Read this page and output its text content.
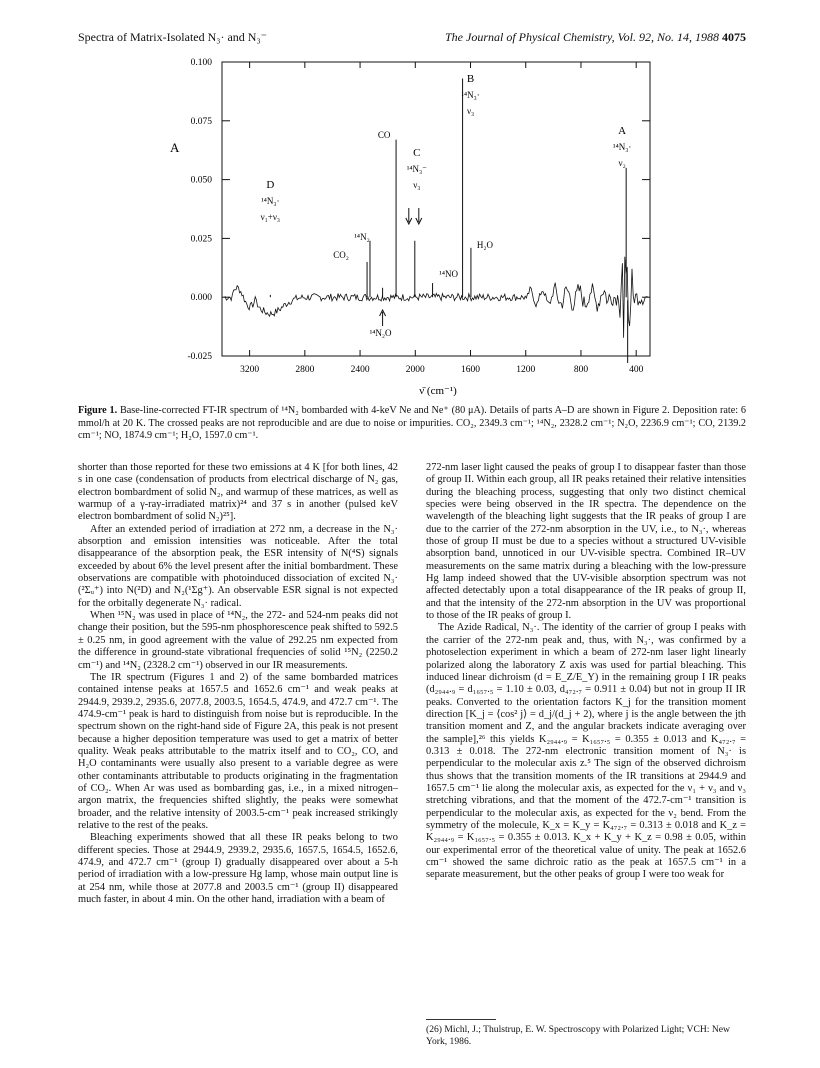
Spectra of Matrix-Isolated N₃· and N₃⁻	The Journal of Physical Chemistry, Vol. 92, No. 14, 1988 4075
3200	2800	2400	2000	1600	1200	800	400
0.100
0.075
0.050
0.025
0.000
-0.025
A
ν̄ (cm⁻¹)
D
¹⁴N₃·
ν₁+ν₃
C
¹⁴N₃⁻
ν₃
B
¹⁴N₃·
ν₃
A
¹⁴N₃·
ν₂
¹⁴N₂
CO₂
CO
H₂O
¹⁴NO
¹⁴N₂O
Figure 1. Base-line-corrected FT-IR spectrum of ¹⁴N₂ bombarded with 4-keV Ne and Ne⁺ (80 μA). Details of parts A–D are shown in Figure 2. Deposition rate: 6 mmol/h at 20 K. The crossed peaks are not reproducible and are due to noise or impurities. CO₂, 2349.3 cm⁻¹; ¹⁴N₂, 2328.2 cm⁻¹; N₂O, 2236.9 cm⁻¹; CO, 2139.2 cm⁻¹; NO, 1874.9 cm⁻¹; H₂O, 1597.0 cm⁻¹.

shorter than those reported for these two emissions at 4 K [for both lines, 42 s in one case (condensation of products from electrical discharge of N₂ gas, electron bombardment of solid N₂, and warmup of these matrices, as well as warmup of a γ-ray-irradiated matrix)²⁴ and 37 s in another (pulsed keV electron bombardment of solid N₂)²⁵].

After an extended period of irradiation at 272 nm, a decrease in the N₃· absorption and emission intensities was noticeable. After the total disappearance of the absorption peak, the ESR intensity of N(⁴S) signals exceeded by about 6% the level present after the initial bombardment. These observations are compatible with photoinduced dissociation of excited N₃· (²Σᵤ⁺) into N(²D) and N₂(¹Σg⁺). An observable ESR signal is not expected for the orbitally degenerate N₃· radical.

When ¹⁵N₂ was used in place of ¹⁴N₂, the 272- and 524-nm peaks did not change their position, but the 595-nm phosphorescence peak shifted to 592.5 ± 0.25 nm, in good agreement with the value of 292.25 nm expected from the difference in ground-state vibrational frequencies of solid ¹⁵N₂ (2250.2 cm⁻¹) and ¹⁴N₂ (2328.2 cm⁻¹) observed in our IR measurements.

The IR spectrum (Figures 1 and 2) of the same bombarded matrices contained intense peaks at 1657.5 and 1652.6 cm⁻¹ and weak peaks at 2944.9, 2939.2, 2935.6, 2077.8, 2003.5, 1654.5, 474.9, and 472.7 cm⁻¹. The 474.9-cm⁻¹ peak is hard to distinguish from noise but is reproducible. In the spectrum shown on the right-hand side of Figure 2A, this peak is not present because a higher deposition temperature was used to get a matrix of better quality. Weak peaks attributable to the matrix itself and to CO₂, CO, and H₂O contaminants were usually also present to a variable degree as were other contaminants attributable to products originating in the fragmentation of CO₂. When Ar was used as bombarding gas, i.e., in a mixed nitrogen–argon matrix, the frequencies shifted slightly, the peaks were somewhat broader, and the relative intensity of 2003.5-cm⁻¹ peak increased strikingly relative to the rest of the peaks.

Bleaching experiments showed that all these IR peaks belong to two different species. Those at 2944.9, 2939.2, 2935.6, 1657.5, 1654.5, 1652.6, 474.9, and 472.7 cm⁻¹ (group I) gradually disappeared over about a 5-h period of irradiation with a low-pressure Hg lamp, whose main output line is at 254 nm, while those at 2077.8 and 2003.5 cm⁻¹ (group II) disappeared much faster, in about 4 min. On the other hand, irradiation with a beam of

272-nm laser light caused the peaks of group I to disappear faster than those of group II. Within each group, all IR peaks retained their relative intensities during the bleaching process, suggesting that only two distinct chemical species were being observed in the IR spectra. The dependence on the wavelength of the bleaching light suggests that the IR peaks of group I are due to the carrier of the 272-nm absorption in the UV, i.e., to N₃·, whereas those of group II must be due to a species without a structured UV-visible absorption band, unnoticed in our UV-visible spectra. Combined IR–UV measurements on the same matrix during a bleaching with the low-pressure Hg lamp indeed showed that the UV-visible absorption spectrum was not affected detectably upon a total disappearance of the IR peaks of group II, and that the intensity of the 272-nm absorption in the UV was proportional to those of the IR peaks of group I.

The Azide Radical, N₃·. The identity of the carrier of group I peaks with the carrier of the 272-nm peak and, thus, with N₃·, was confirmed by a photoselection experiment in which a beam of 272-nm laser light linearly polarized along the laboratory Z axis was used for partial bleaching. This induced linear dichroism (d = E_Z/E_Y) in the remaining group I IR peaks (d₂₉₄₄.₉ = d₁₆₅₇.₅ = 1.10 ± 0.03, d₄₇₂.₇ = 0.911 ± 0.04) but not in group II IR peaks. Converted to the orientation factors K_j for the transition moment direction [K_j = ⟨cos² j⟩ = d_j/(d_j + 2), where j is the angle between the jth transition moment and Z, and the angular brackets indicate averaging over the sample],²⁶ this yields K₂₉₄₄.₉ = K₁₆₅₇.₅ = 0.355 ± 0.013 and K₄₇₂.₇ = 0.313 ± 0.018. The 272-nm electronic transition moment of N₃· is perpendicular to the molecular axis z.⁵ The sign of the observed dichroism thus shows that the transition moments of the IR transitions at 2944.9 and 1657.5 cm⁻¹ lie along the molecular axis, as expected for the ν₁ + ν₃ and ν₃ stretching vibrations, and that the moment of the 472.7-cm⁻¹ transition is perpendicular to the molecular axis, as expected for the ν₂ bend. From the symmetry of the molecule, K_x = K_y = K₄₇₂.₇ = 0.313 ± 0.018 and K_z = K₂₉₄₄.₉ = K₁₆₅₇.₅ = 0.355 ± 0.013. K_x + K_y + K_z = 0.98 ± 0.05, within our experimental error of the theoretical value of unity. The peak at 1652.6 cm⁻¹ showed the same dichroic ratio as the peak at 1657.5 cm⁻¹ in a separate measurement, but the other peaks of group I were too weak for

(26) Michl, J.; Thulstrup, E. W. Spectroscopy with Polarized Light; VCH: New York, 1986.
